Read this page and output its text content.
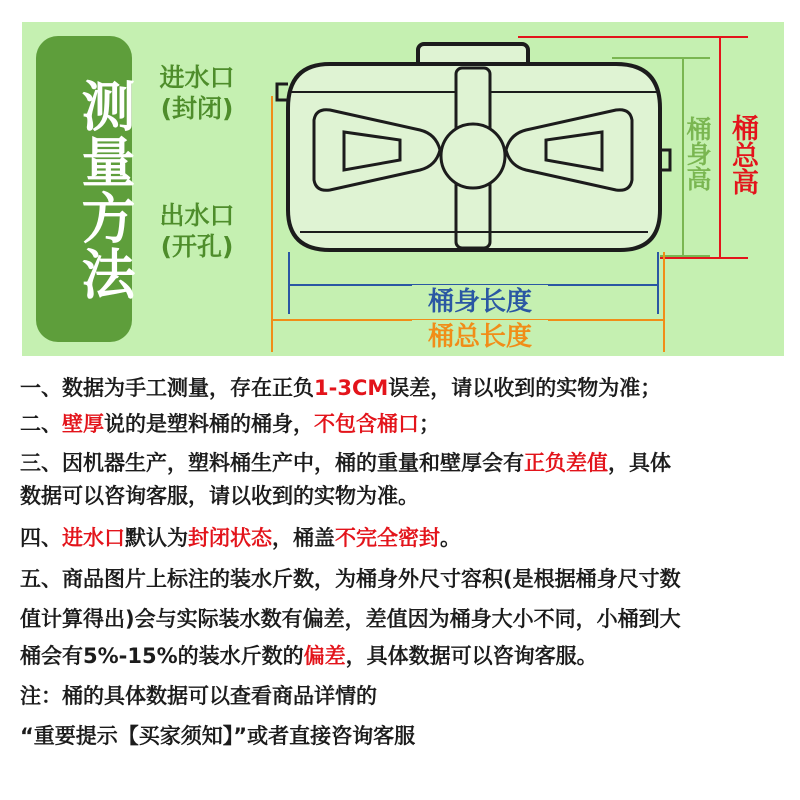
测量方法
进水口
(封闭)
出水口
(开孔)
桶身高 桶总高
桶身长度
桶总长度
一、数据为手工测量，存在正负1-3CM误差，请以收到的实物为准；
二、壁厚说的是塑料桶的桶身，不包含桶口；
三、因机器生产，塑料桶生产中，桶的重量和壁厚会有正负差值，具体
数据可以咨询客服，请以收到的实物为准。
四、进水口默认为封闭状态，桶盖不完全密封。
五、商品图片上标注的装水斤数，为桶身外尺寸容积(是根据桶身尺寸数
值计算得出)会与实际装水数有偏差，差值因为桶身大小不同，小桶到大
桶会有5%-15%的装水斤数的偏差，具体数据可以咨询客服。
注：桶的具体数据可以查看商品详情的
“重要提示【买家须知】”或者直接咨询客服
